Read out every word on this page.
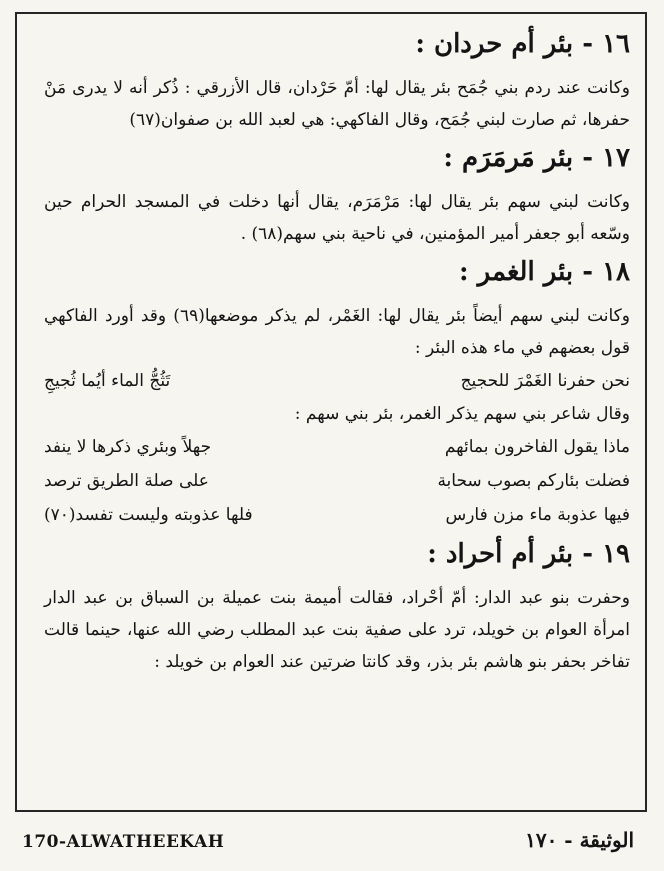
١٦ - بئر أم حردان :

وكانت عند ردم بني جُمَح بئر يقال لها: أمّ حَرْدان، قال الأزرقي : ذُكر أنه لا يدرى مَنْ حفرها، ثم صارت لبني جُمَح، وقال الفاكهي: هي لعبد الله بن صفوان(٦٧)

١٧ - بئر مَرمَرَم :

وكانت لبني سهم بئر يقال لها: مَرْمَرَم، يقال أنها دخلت في المسجد الحرام حين وسّعه أبو جعفر أمير المؤمنين، في ناحية بني سهم(٦٨) .

١٨ - بئر الغمر :

وكانت لبني سهم أيضاً بئر يقال لها: الغَمْر، لم يذكر موضعها(٦٩) وقد أورد الفاكهي قول بعضهم في ماء هذه البئر :

نحن حفرنا الغَمْرَ للحجيج
تَثُجُّ الماء أيُما ثُجيجِ

وقال شاعر بني سهم يذكر الغمر، بئر بني سهم :

ماذا يقول الفاخرون بمائهم
جهلاً وبئري ذكرها لا ينفد
فضلت بئاركم بصوب سحابة
على صلة الطريق ترصد
فيها عذوبة ماء مزن فارس
فلها عذوبته وليست تفسد(٧٠)
١٩ - بئر أم أحراد :

وحفرت بنو عبد الدار: أمّ أحْراد، فقالت أميمة بنت عميلة بن السباق بن عبد الدار امرأة العوام بن خويلد، ترد على صفية بنت عبد المطلب رضي الله عنها، حينما قالت تفاخر بحفر بنو هاشم بئر بذر، وقد كانتا ضرتين عند العوام بن خويلد :

170-ALWATHEEKAH	الوثيقة - ١٧٠
